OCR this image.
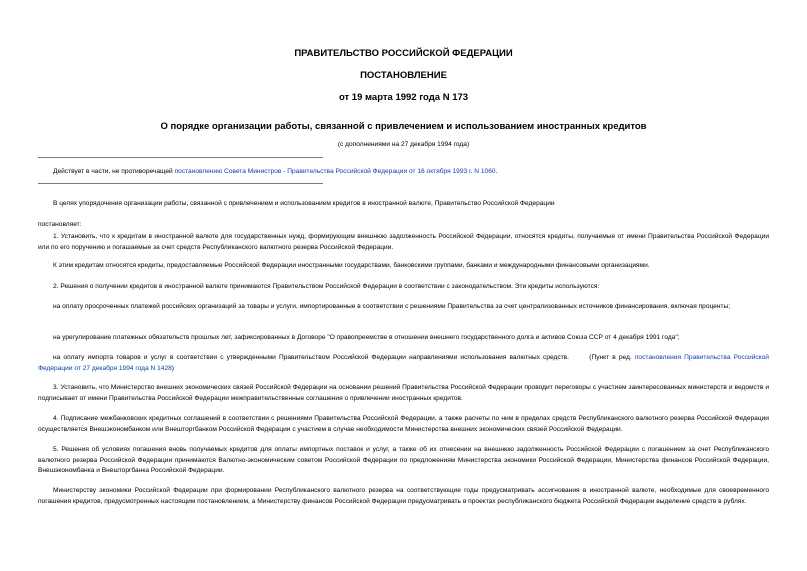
ПРАВИТЕЛЬСТВО РОССИЙСКОЙ ФЕДЕРАЦИИ
ПОСТАНОВЛЕНИЕ
от 19 марта 1992 года N 173
О порядке организации работы, связанной с привлечением и использованием иностранных кредитов
(с дополнениями на 27 декабря 1994 года)

Действует в части, не противоречащей постановлению Совета Министров - Правительства Российской Федерации от 16 октября 1993 г. N 1060.

В целях упорядочения организации работы, связанной с привлечением и использованием кредитов в иностранной валюте, Правительство Российской Федерации

постановляет:

1. Установить, что к кредитам в иностранной валюте для государственных нужд, формирующим внешнюю задолженность Российской Федерации, относятся кредиты, получаемые от имени Правительства Российской Федерации или по его поручению и погашаемые за счет средств Республиканского валютного резерва Российской Федерации.

К этим кредитам относятся кредиты, предоставляемые Российской Федерации иностранными государствами, банковскими группами, банками и международными финансовыми организациями.

2. Решения о получении кредитов в иностранной валюте принимаются Правительством Российской Федерации в соответствии с законодательством. Эти кредиты используются:

на оплату просроченных платежей российских организаций за товары и услуги, импортированные в соответствии с решениями Правительства за счет централизованных источников финансирования, включая проценты;

на урегулирование платежных обязательств прошлых лет, зафиксированных в Договоре "О правопреемстве в отношении внешнего государственного долга и активов Союза ССР от 4 декабря 1991 года";

на оплату импорта товаров и услуг в соответствии с утвержденными Правительством Российской Федерации направлениями использования валютных средств.	(Пункт в ред. постановления Правительства Российской Федерации от 27 декабря 1994 года N 1428)

3. Установить, что Министерство внешних экономических связей Российской Федерации на основании решений Правительства Российской Федерации проводит переговоры с участием заинтересованных министерств и ведомств и подписывает от имени Правительства Российской Федерации межправительственные соглашения о привлечении иностранных кредитов.

4. Подписание межбанковских кредитных соглашений в соответствии с решениями Правительства Российской Федерации, а также расчеты по ним в пределах средств Республиканского валютного резерва Российской Федерации осуществляется Внешэкономбанком или Внешторгбанком Российской Федерации с участием в случае необходимости Министерства внешних экономических связей Российской Федерации.

5. Решения об условиях погашения вновь получаемых кредитов для оплаты импортных поставок и услуг, а также об их отнесении на внешнюю задолженность Российской Федерации с погашением за счет Республиканского валютного резерва Российской Федерации принимаются Валютно-экономическим советом Российской Федерации по предложениям Министерства экономики Российской Федерации, Министерства финансов Российской Федерации, Внешэкономбанка и Внешторгбанка Российской Федерации.

Министерству экономики Российской Федерации при формировании Республиканского валютного резерва на соответствующие годы предусматривать ассигнования в иностранной валюте, необходимые для своевременного погашения кредитов, предусмотренных настоящим постановлением, а Министерству финансов Российской Федерации предусматривать в проектах республиканского бюджета Российской Федерации выделение средств в рублях.
